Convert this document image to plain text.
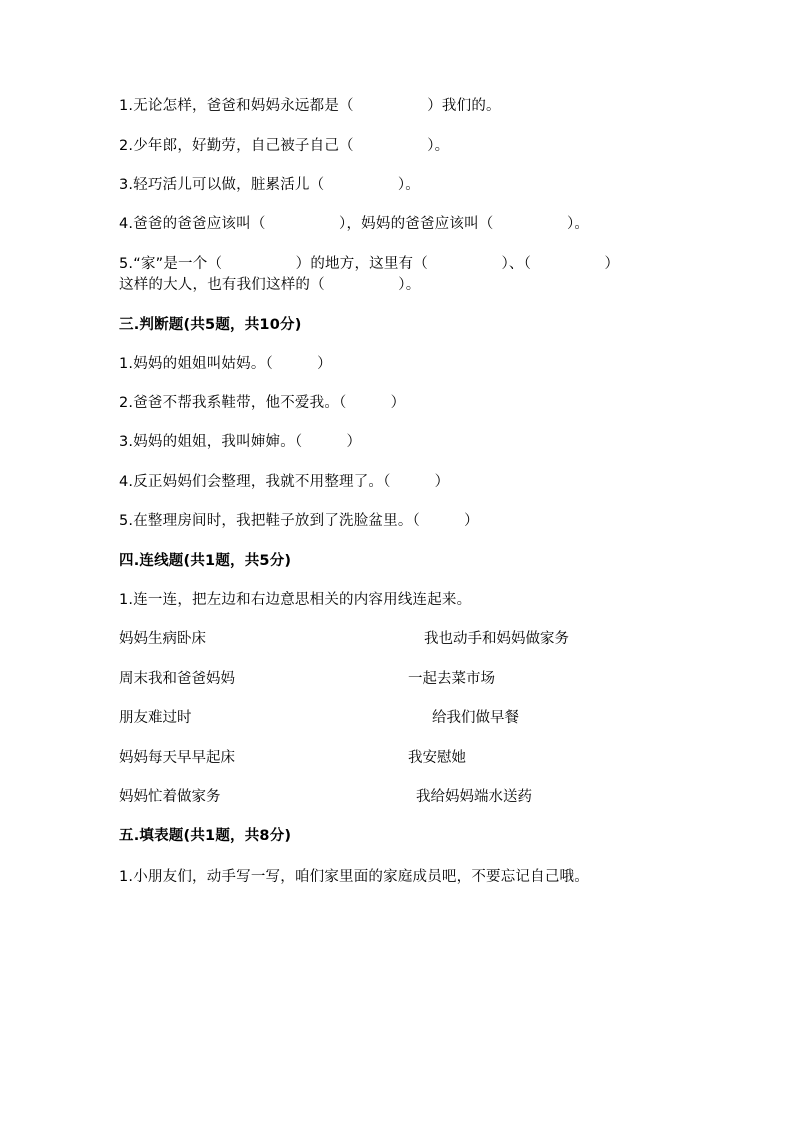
1.无论怎样，爸爸和妈妈永远都是（　　　　　）我们的。
2.少年郎，好勤劳，自己被子自己（　　　　　）。
3.轻巧活儿可以做，脏累活儿（　　　　　）。
4.爸爸的爸爸应该叫（　　　　　），妈妈的爸爸应该叫（　　　　　）。
5.“家”是一个（　　　　　）的地方，这里有（　　　　　）、（　　　　　）
这样的大人，也有我们这样的（　　　　　）。
三.判断题(共5题，共10分)
1.妈妈的姐姐叫姑妈。（　　　）
2.爸爸不帮我系鞋带，他不爱我。（　　　）
3.妈妈的姐姐，我叫婶婶。（　　　）
4.反正妈妈们会整理，我就不用整理了。（　　　）
5.在整理房间时，我把鞋子放到了洗脸盆里。（　　　）
四.连线题(共1题，共5分)
1.连一连，把左边和右边意思相关的内容用线连起来。
妈妈生病卧床	我也动手和妈妈做家务
周末我和爸爸妈妈	一起去菜市场
朋友难过时	给我们做早餐
妈妈每天早早起床	我安慰她
妈妈忙着做家务	我给妈妈端水送药
五.填表题(共1题，共8分)
1.小朋友们，动手写一写，咱们家里面的家庭成员吧，不要忘记自己哦。
